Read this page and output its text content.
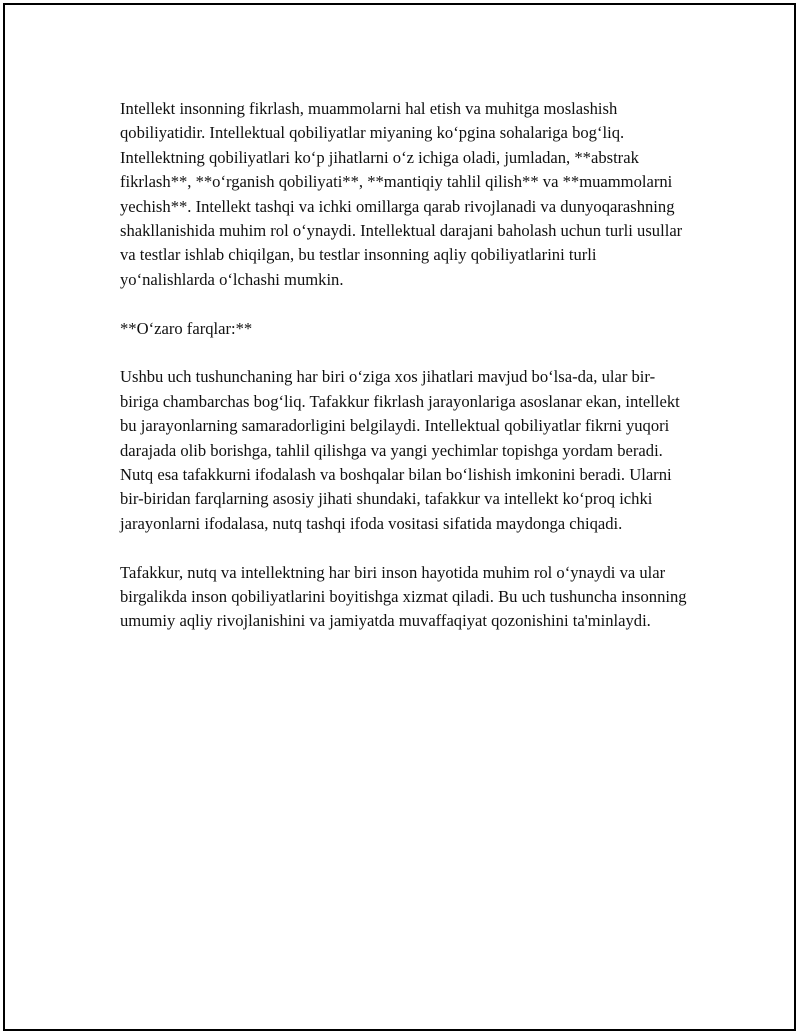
Intellekt insonning fikrlash, muammolarni hal etish va muhitga moslashish qobiliyatidir. Intellektual qobiliyatlar miyaning koʻpgina sohalariga bogʻliq. Intellektning qobiliyatlari koʻp jihatlarni oʻz ichiga oladi, jumladan, **abstrak fikrlash**, **oʻrganish qobiliyati**, **mantiqiy tahlil qilish** va **muammolarni yechish**. Intellekt tashqi va ichki omillarga qarab rivojlanadi va dunyoqarashning shakllanishida muhim rol oʻynaydi. Intellektual darajani baholash uchun turli usullar va testlar ishlab chiqilgan, bu testlar insonning aqliy qobiliyatlarini turli yoʻnalishlarda oʻlchashi mumkin.

**Oʻzaro farqlar:**

Ushbu uch tushunchaning har biri oʻziga xos jihatlari mavjud boʻlsa-da, ular bir-biriga chambarchas bogʻliq. Tafakkur fikrlash jarayonlariga asoslanar ekan, intellekt bu jarayonlarning samaradorligini belgilaydi. Intellektual qobiliyatlar fikrni yuqori darajada olib borishga, tahlil qilishga va yangi yechimlar topishga yordam beradi. Nutq esa tafakkurni ifodalash va boshqalar bilan boʻlishish imkonini beradi. Ularni bir-biridan farqlarning asosiy jihati shundaki, tafakkur va intellekt koʻproq ichki jarayonlarni ifodalasa, nutq tashqi ifoda vositasi sifatida maydonga chiqadi.

Tafakkur, nutq va intellektning har biri inson hayotida muhim rol oʻynaydi va ular birgalikda inson qobiliyatlarini boyitishga xizmat qiladi. Bu uch tushuncha insonning umumiy aqliy rivojlanishini va jamiyatda muvaffaqiyat qozonishini ta'minlaydi.
